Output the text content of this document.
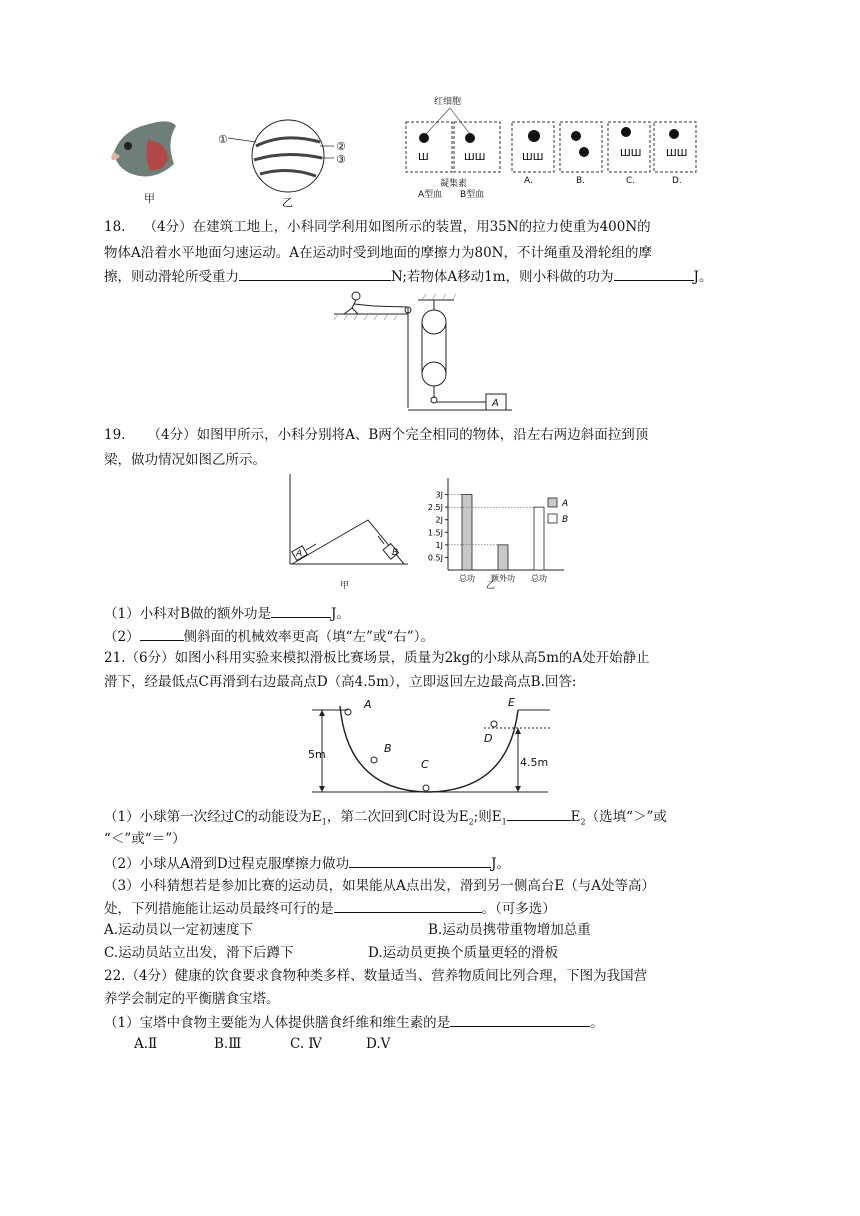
甲
①
②
③
乙
红细胞
Ш	ШШ	ШШ	ШШ ШШ
凝集素
A型血 B型血
A.	B.	C.	D.
18. （4分）在建筑工地上，小科同学利用如图所示的装置，用35N的拉力使重为400N的
物体A沿着水平地面匀速运动。A在运动时受到地面的摩擦力为80N，不计绳重及滑轮组的摩
擦，则动滑轮所受重力	N;若物体A移动1m，则小科做的功为	J。
A
19. （4分）如图甲所示，小科分别将A、B两个完全相同的物体，沿左右两边斜面拉到顶
梁，做功情况如图乙所示。
A	B
甲
0.5J
1J
1.5J
2J
2.5J
3J
总功 额外功 总功
A
B
乙
（1）小科对B做的额外功是	J。
（2）	侧斜面的机械效率更高（填“左”或“右”）。
21.（6分）如图小科用实验来模拟滑板比赛场景，质量为2kg的小球从高5m的A处开始静止
滑下，经最低点C再滑到右边最高点D（高4.5m），立即返回左边最高点B.回答:
A
B
C
D
E
5m
4.5m
（1）小球第一次经过C的动能设为$E_1$，第二次回到C时设为$E_2$;则$E_1$	$E_2$（选填“＞”或
“＜”或“＝”）
（2）小球从A滑到D过程克服摩擦力做功	J。
（3）小科猜想若是参加比赛的运动员，如果能从A点出发，滑到另一侧高台E（与A处等高）
处，下列措施能让运动员最终可行的是	。（可多选）
A.运动员以一定初速度下	B.运动员携带重物增加总重
C.运动员站立出发，滑下后蹲下	D.运动员更换个质量更轻的滑板
22.（4分）健康的饮食要求食物种类多样、数量适当、营养物质间比列合理，下图为我国营
养学会制定的平衡膳食宝塔。
（1）宝塔中食物主要能为人体提供膳食纤维和维生素的是	。
A.Ⅱ	B.Ⅲ	C. Ⅳ	D.Ⅴ
